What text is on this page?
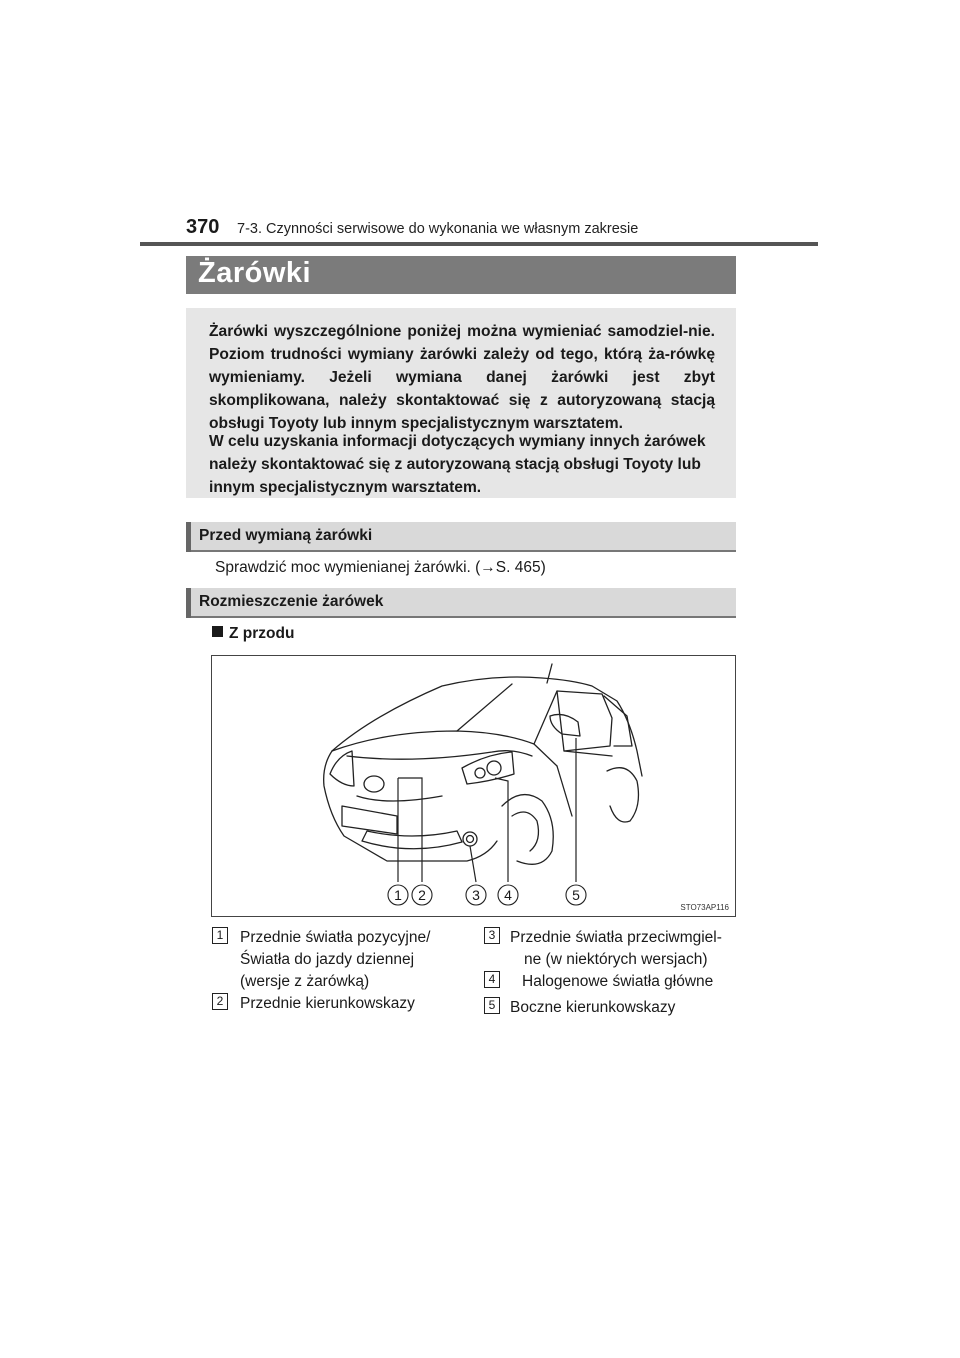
370 7-3. Czynności serwisowe do wykonania we własnym zakresie
Żarówki

Żarówki wyszczególnione poniżej można wymieniać samodziel-nie. Poziom trudności wymiany żarówki zależy od tego, którą ża-rówkę wymieniamy. Jeżeli wymiana danej żarówki jest zbyt skomplikowana, należy skontaktować się z autoryzowaną stacją obsługi Toyoty lub innym specjalistycznym warsztatem.

W celu uzyskania informacji dotyczących wymiany innych żarówek należy skontaktować się z autoryzowaną stacją obsługi Toyoty lub innym specjalistycznym warsztatem.

Przed wymianą żarówki
Sprawdzić moc wymienianej żarówki. (→S. 465)
Rozmieszczenie żarówek
Z przodu
1 2	3 4	5
STO73AP116
1	Przednie światła pozycyjne/
Światła do jazdy dziennej
(wersje z żarówką)
2	Przednie kierunkowskazy
3 Przednie światła przeciwmgiel-
ne (w niektórych wersjach)
4	Halogenowe światła główne
5 Boczne kierunkowskazy
